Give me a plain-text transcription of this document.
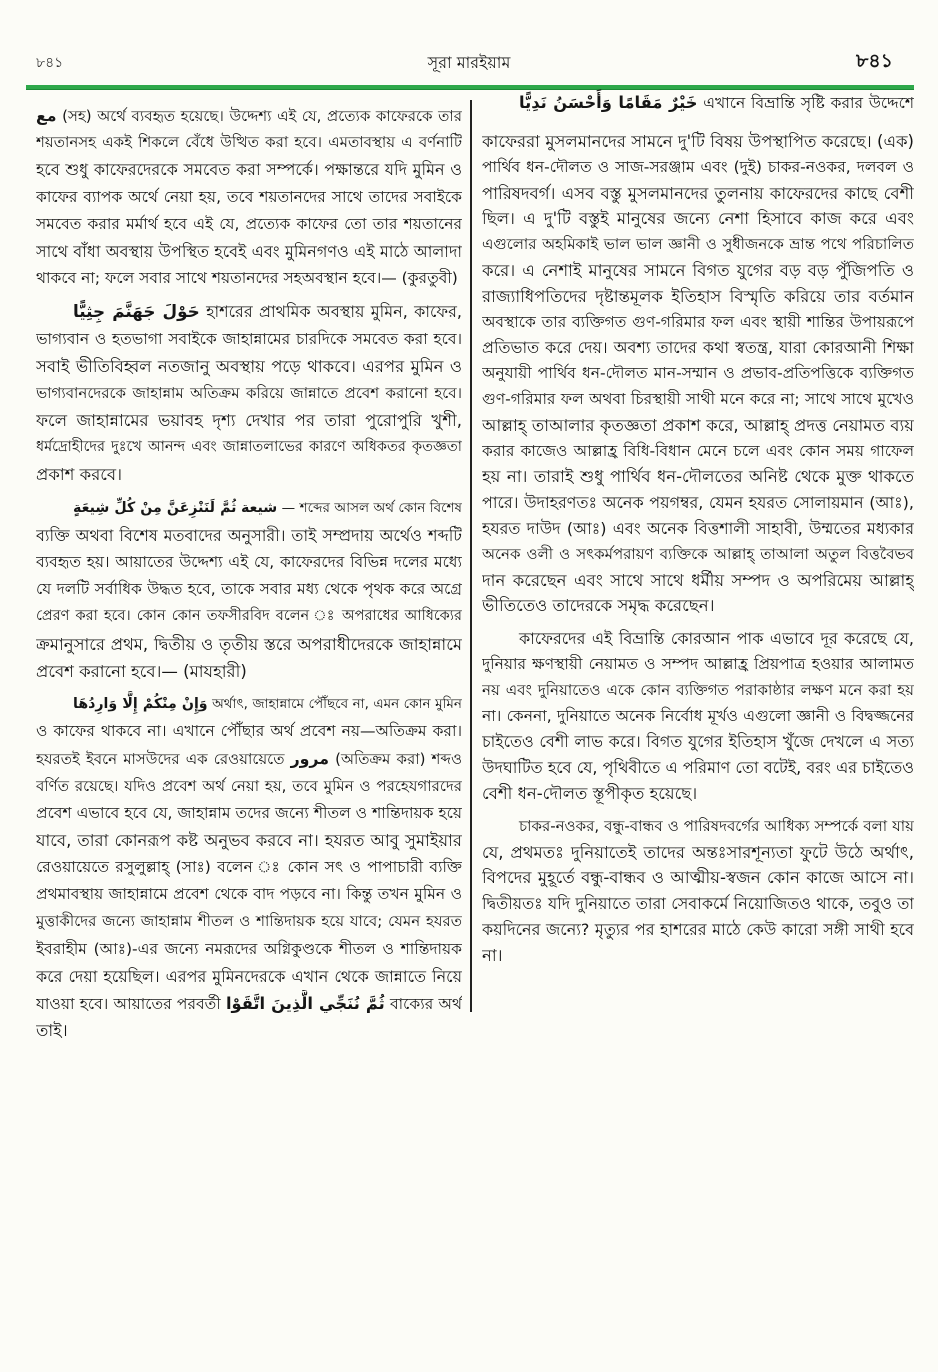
৮৪১	সূরা মারইয়াম	৮৪১
مع (সহ) অর্থে ব্যবহৃত হয়েছে। উদ্দেশ্য এই যে, প্রত্যেক কাফেরকে তার
শয়তানসহ একই শিকলে বেঁধে উত্থিত করা হবে। এমতাবস্থায় এ বর্ণনাটি
হবে শুধু কাফেরদেরকে সমবেত করা সম্পর্কে। পক্ষান্তরে যদি মুমিন ও
কাফের ব্যাপক অর্থে নেয়া হয়, তবে শয়তানদের সাথে তাদের সবাইকে
সমবেত করার মর্মার্থ হবে এই যে, প্রত্যেক কাফের তো তার শয়তানের
সাথে বাঁধা অবস্থায় উপস্থিত হবেই এবং মুমিনগণও এই মাঠে আলাদা
থাকবে না; ফলে সবার সাথে শয়তানদের সহঅবস্থান হবে।— (কুরতুবী)
حَوْلَ جَهَنَّمَ جِثِيًّا হাশরের প্রাথমিক অবস্থায় মুমিন, কাফের,
ভাগ্যবান ও হতভাগা সবাইকে জাহান্নামের চারদিকে সমবেত করা হবে।
সবাই ভীতিবিহ্বল নতজানু অবস্থায় পড়ে থাকবে। এরপর মুমিন ও
ভাগ্যবানদেরকে জাহান্নাম অতিক্রম করিয়ে জান্নাতে প্রবেশ করানো হবে।
ফলে জাহান্নামের ভয়াবহ দৃশ্য দেখার পর তারা পুরোপুরি খুশী,
ধর্মদ্রোহীদের দুঃখে আনন্দ এবং জান্নাতলাভের কারণে অধিকতর কৃতজ্ঞতা
প্রকাশ করবে।
ثُمَّ لَنَنْزِعَنَّ مِنْ كُلِّ شِيعَةٍ شيعة — শব্দের আসল অর্থ কোন বিশেষ
ব্যক্তি অথবা বিশেষ মতবাদের অনুসারী। তাই সম্প্রদায় অর্থেও শব্দটি
ব্যবহৃত হয়। আয়াতের উদ্দেশ্য এই যে, কাফেরদের বিভিন্ন দলের মধ্যে
যে দলটি সর্বাধিক উদ্ধত হবে, তাকে সবার মধ্য থেকে পৃথক করে অগ্রে
প্রেরণ করা হবে। কোন কোন তফসীরবিদ বলেন ঃ অপরাধের আধিক্যের
ক্রমানুসারে প্রথম, দ্বিতীয় ও তৃতীয় স্তরে অপরাধীদেরকে জাহান্নামে
প্রবেশ করানো হবে।— (মাযহারী)
وَإِنْ مِنْكُمْ إِلَّا وَارِدُهَا অর্থাৎ, জাহান্নামে পৌঁছবে না, এমন কোন মুমিন
ও কাফের থাকবে না। এখানে পৌঁছার অর্থ প্রবেশ নয়—অতিক্রম করা।
হযরতই ইবনে মাসউদের এক রেওয়ায়েতে مرور (অতিক্রম করা) শব্দও
বর্ণিত রয়েছে। যদিও প্রবেশ অর্থ নেয়া হয়, তবে মুমিন ও পরহেযগারদের
প্রবেশ এভাবে হবে যে, জাহান্নাম তদের জন্যে শীতল ও শান্তিদায়ক হয়ে
যাবে, তারা কোনরূপ কষ্ট অনুভব করবে না। হযরত আবু সুমাইয়ার
রেওয়ায়েতে রসুলুল্লাহ্ (সাঃ) বলেন ঃ কোন সৎ ও পাপাচারী ব্যক্তি
প্রথমাবস্থায় জাহান্নামে প্রবেশ থেকে বাদ পড়বে না। কিন্তু তখন মুমিন ও
মুত্তাকীদের জন্যে জাহান্নাম শীতল ও শান্তিদায়ক হয়ে যাবে; যেমন হযরত
ইবরাহীম (আঃ)-এর জন্যে নমরূদের অগ্নিকুণ্ডকে শীতল ও শান্তিদায়ক
করে দেয়া হয়েছিল। এরপর মুমিনদেরকে এখান থেকে জান্নাতে নিয়ে
যাওয়া হবে। আয়াতের পরবর্তী ثُمَّ نُنَجِّي الَّذِينَ اتَّقَوْا বাক্যের অর্থ
তাই।
خَيْرٌ مَقَامًا وَأَحْسَنُ نَدِيًّا এখানে বিভ্রান্তি সৃষ্টি করার উদ্দেশে
কাফেররা মুসলমানদের সামনে দু'টি বিষয় উপস্থাপিত করেছে। (এক)
পার্থিব ধন-দৌলত ও সাজ-সরঞ্জাম এবং (দুই) চাকর-নওকর, দলবল ও
পারিষদবর্গ। এসব বস্তু মুসলমানদের তুলনায় কাফেরদের কাছে বেশী
ছিল। এ দু'টি বস্তুই মানুষের জন্যে নেশা হিসাবে কাজ করে এবং
এগুলোর অহমিকাই ভাল ভাল জ্ঞানী ও সুধীজনকে ভ্রান্ত পথে পরিচালিত
করে। এ নেশাই মানুষের সামনে বিগত যুগের বড় বড় পুঁজিপতি ও
রাজ্যাধিপতিদের দৃষ্টান্তমূলক ইতিহাস বিস্মৃতি করিয়ে তার বর্তমান
অবস্থাকে তার ব্যক্তিগত গুণ-গরিমার ফল এবং স্থায়ী শান্তির উপায়রূপে
প্রতিভাত করে দেয়। অবশ্য তাদের কথা স্বতন্ত্র, যারা কোরআনী শিক্ষা
অনুযায়ী পার্থিব ধন-দৌলত মান-সম্মান ও প্রভাব-প্রতিপত্তিকে ব্যক্তিগত
গুণ-গরিমার ফল অথবা চিরস্থায়ী সাথী মনে করে না; সাথে সাথে মুখেও
আল্লাহ্ তাআলার কৃতজ্ঞতা প্রকাশ করে, আল্লাহ্ প্রদত্ত নেয়ামত ব্যয়
করার কাজেও আল্লাহ্র বিধি-বিধান মেনে চলে এবং কোন সময় গাফেল
হয় না। তারাই শুধু পার্থিব ধন-দৌলতের অনিষ্ট থেকে মুক্ত থাকতে
পারে। উদাহরণতঃ অনেক পয়গম্বর, যেমন হযরত সোলায়মান (আঃ),
হযরত দাউদ (আঃ) এবং অনেক বিত্তশালী সাহাবী, উম্মতের মধ্যকার
অনেক ওলী ও সৎকর্মপরায়ণ ব্যক্তিকে আল্লাহ্ তাআলা অতুল বিত্তবৈভব
দান করেছেন এবং সাথে সাথে ধর্মীয় সম্পদ ও অপরিমেয় আল্লাহ্
ভীতিতেও তাদেরকে সমৃদ্ধ করেছেন।
কাফেরদের এই বিভ্রান্তি কোরআন পাক এভাবে দূর করেছে যে,
দুনিয়ার ক্ষণস্থায়ী নেয়ামত ও সম্পদ আল্লাহ্র প্রিয়পাত্র হওয়ার আলামত
নয় এবং দুনিয়াতেও একে কোন ব্যক্তিগত পরাকাষ্ঠার লক্ষণ মনে করা হয়
না। কেননা, দুনিয়াতে অনেক নির্বোধ মূর্খও এগুলো জ্ঞানী ও বিদ্বজ্জনের
চাইতেও বেশী লাভ করে। বিগত যুগের ইতিহাস খুঁজে দেখলে এ সত্য
উদঘাটিত হবে যে, পৃথিবীতে এ পরিমাণ তো বটেই, বরং এর চাইতেও
বেশী ধন-দৌলত স্তূপীকৃত হয়েছে।
চাকর-নওকর, বন্ধু-বান্ধব ও পারিষদবর্গের আধিক্য সম্পর্কে বলা যায়
যে, প্রথমতঃ দুনিয়াতেই তাদের অন্তঃসারশূন্যতা ফুটে উঠে অর্থাৎ,
বিপদের মুহূর্তে বন্ধু-বান্ধব ও আত্মীয়-স্বজন কোন কাজে আসে না।
দ্বিতীয়তঃ যদি দুনিয়াতে তারা সেবাকর্মে নিয়োজিতও থাকে, তবুও তা
কয়দিনের জন্যে? মৃত্যুর পর হাশরের মাঠে কেউ কারো সঙ্গী সাথী হবে
না।
